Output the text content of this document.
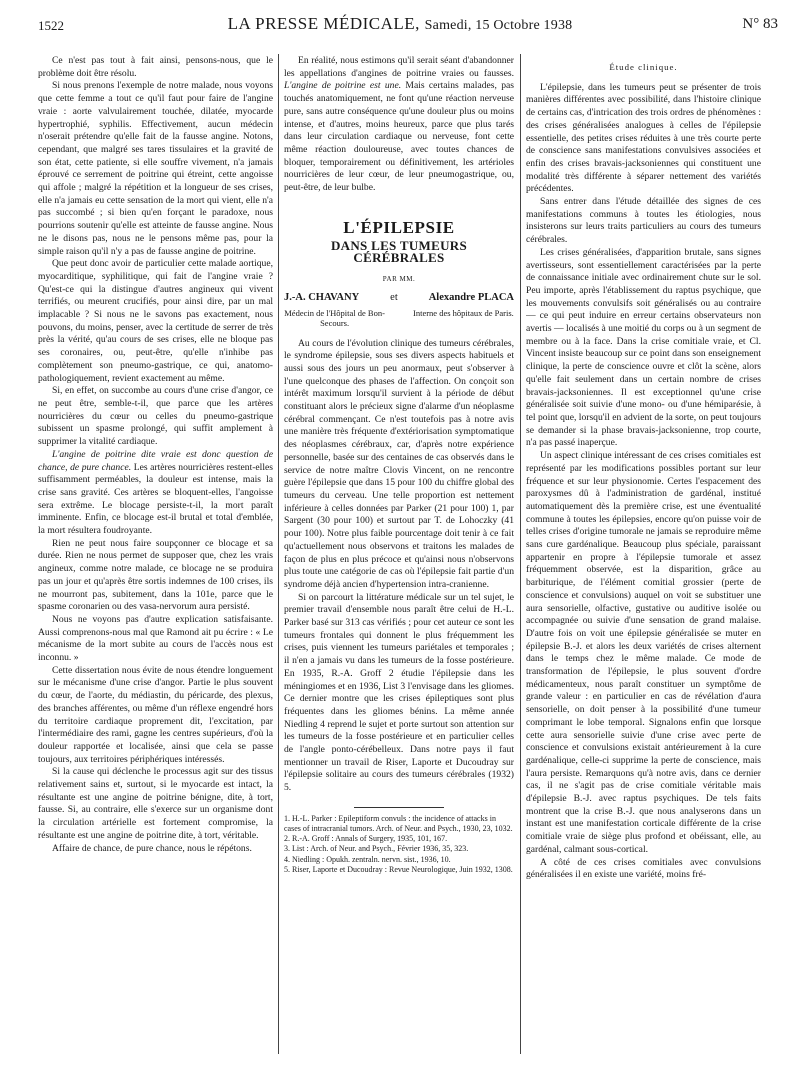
1522	LA PRESSE MÉDICALE, Samedi, 15 Octobre 1938	N° 83

Ce n'est pas tout à fait ainsi, pensons-nous, que le problème doit être résolu.

Si nous prenons l'exemple de notre malade, nous voyons que cette femme a tout ce qu'il faut pour faire de l'angine vraie : aorte valvulairement touchée, dilatée, myocarde hypertrophié, syphilis. Effectivement, aucun médecin n'oserait prétendre qu'elle fait de la fausse angine. Notons, cependant, que malgré ses tares tissulaires et la gravité de son état, cette patiente, si elle souffre vivement, n'a jamais éprouvé ce serrement de poitrine qui étreint, cette angoisse qui affole ; malgré la répétition et la longueur de ses crises, elle n'a jamais eu cette sensation de la mort qui vient, elle n'a pas succombé ; si bien qu'en forçant le paradoxe, nous pourrions soutenir qu'elle est atteinte de fausse angine. Nous ne le disons pas, nous ne le pensons même pas, pour la simple raison qu'il n'y a pas de fausse angine de poitrine.

Que peut donc avoir de particulier cette malade aortique, myocarditique, syphilitique, qui fait de l'angine vraie ? Qu'est-ce qui la distingue d'autres angineux qui vivent terrifiés, ou meurent crucifiés, pour ainsi dire, par un mal implacable ? Si nous ne le savons pas exactement, nous pouvons, du moins, penser, avec la certitude de serrer de très près la vérité, qu'au cours de ses crises, elle ne bloque pas ses coronaires, ou, peut-être, qu'elle n'inhibe pas complètement son pneumo-gastrique, ce qui, anatomo-pathologiquement, revient exactement au même.

Si, en effet, on succombe au cours d'une crise d'angor, ce ne peut être, semble-t-il, que parce que les artères nourricières du cœur ou celles du pneumo-gastrique subissent un spasme prolongé, qui suffit amplement à supprimer la vitalité cardiaque.

L'angine de poitrine dite vraie est donc question de chance, de pure chance. Les artères nourricières restent-elles suffisamment perméables, la douleur est intense, mais la crise sans gravité. Ces artères se bloquent-elles, l'angoisse sera extrême. Le blocage persiste-t-il, la mort paraît imminente. Enfin, ce blocage est-il brutal et total d'emblée, la mort résultera foudroyante.

Rien ne peut nous faire soupçonner ce blocage et sa durée. Rien ne nous permet de supposer que, chez les vrais angineux, comme notre malade, ce blocage ne se produira pas un jour et qu'après être sortis indemnes de 100 crises, ils ne mourront pas, subitement, dans la 101e, parce que le spasme coronarien ou des vasa-nervorum aura persisté.

Nous ne voyons pas d'autre explication satisfaisante. Aussi comprenons-nous mal que Ramond ait pu écrire : « Le mécanisme de la mort subite au cours de l'accès nous est inconnu. »

Cette dissertation nous évite de nous étendre longuement sur le mécanisme d'une crise d'angor. Partie le plus souvent du cœur, de l'aorte, du médiastin, du péricarde, des plexus, des branches afférentes, ou même d'un réflexe engendré hors du territoire cardiaque proprement dit, l'excitation, par l'intermédiaire des rami, gagne les centres supérieurs, d'où la douleur rapportée et localisée, ainsi que cela se passe toujours, aux territoires périphériques intéressés.

Si la cause qui déclenche le processus agit sur des tissus relativement sains et, surtout, si le myocarde est intact, la résultante est une angine de poitrine bénigne, dite, à tort, fausse. Si, au contraire, elle s'exerce sur un organisme dont la circulation artérielle est fortement compromise, la résultante est une angine de poitrine dite, à tort, véritable.

Affaire de chance, de pure chance, nous le répétons.

En réalité, nous estimons qu'il serait séant d'abandonner les appellations d'angines de poitrine vraies ou fausses. L'angine de poitrine est une. Mais certains malades, pas touchés anatomiquement, ne font qu'une réaction nerveuse pure, sans autre conséquence qu'une douleur plus ou moins intense, et d'autres, moins heureux, parce que plus tarés dans leur circulation cardiaque ou nerveuse, font cette même réaction douloureuse, avec toutes chances de bloquer, temporairement ou définitivement, les artérioles nourricières de leur cœur, de leur pneumogastrique, ou, peut-être, de leur bulbe.

L'ÉPILEPSIE
DANS LES TUMEURS CÉRÉBRALES
PAR MM.
J.-A. CHAVANY	et	Alexandre PLACA
Médecin de l'Hôpital de Bon-Secours.
Interne des hôpitaux de Paris.

Au cours de l'évolution clinique des tumeurs cérébrales, le syndrome épilepsie, sous ses divers aspects habituels et aussi sous des jours un peu anormaux, peut s'observer à l'une quelconque des phases de l'affection. On conçoit son intérêt maximum lorsqu'il survient à la période de début constituant alors le précieux signe d'alarme d'un néoplasme cérébral commençant. Ce n'est toutefois pas à notre avis une manière très fréquente d'extériorisation symptomatique des néoplasmes cérébraux, car, d'après notre expérience personnelle, basée sur des centaines de cas observés dans le service de notre maître Clovis Vincent, on ne rencontre guère l'épilepsie que dans 15 pour 100 du chiffre global des tumeurs du cerveau. Une telle proportion est nettement inférieure à celles données par Parker (21 pour 100) 1, par Sargent (30 pour 100) et surtout par T. de Lohoczky (41 pour 100). Notre plus faible pourcentage doit tenir à ce fait qu'actuellement nous observons et traitons les malades de façon de plus en plus précoce et qu'ainsi nous n'observons plus toute une catégorie de cas où l'épilepsie fait partie d'un syndrome déjà ancien d'hypertension intra-cranienne.

Si on parcourt la littérature médicale sur un tel sujet, le premier travail d'ensemble nous paraît être celui de H.-L. Parker basé sur 313 cas vérifiés ; pour cet auteur ce sont les tumeurs frontales qui donnent le plus fréquemment les crises, puis viennent les tumeurs pariétales et temporales ; il n'en a jamais vu dans les tumeurs de la fosse postérieure. En 1935, R.-A. Groff 2 étudie l'épilepsie dans les méningiomes et en 1936, List 3 l'envisage dans les gliomes. Ce dernier montre que les crises épileptiques sont plus fréquentes dans les gliomes bénins. La même année Niedling 4 reprend le sujet et porte surtout son attention sur les tumeurs de la fosse postérieure et en particulier celles de l'angle ponto-cérébelleux. Dans notre pays il faut mentionner un travail de Riser, Laporte et Ducoudray sur l'épilepsie solitaire au cours des tumeurs cérébrales (1932) 5.

1. H.-L. Parker : Epileptiform convuls : the incidence of attacks in cases of intracranial tumors. Arch. of Neur. and Psych., 1930, 23, 1032.
2. R.-A. Groff : Annals of Surgery, 1935, 101, 167.
3. List : Arch. of Neur. and Psych., Février 1936, 35, 323.
4. Niedling : Opukh. zentraln. nervn. sist., 1936, 10.
5. Riser, Laporte et Ducoudray : Revue Neurologique, Juin 1932, 1308.
Étude clinique.

L'épilepsie, dans les tumeurs peut se présenter de trois manières différentes avec possibilité, dans l'histoire clinique de certains cas, d'intrication des trois ordres de phénomènes : des crises généralisées analogues à celles de l'épilepsie essentielle, des petites crises réduites à une très courte perte de conscience sans manifestations convulsives associées et enfin des crises bravais-jacksoniennes qui constituent une modalité très différente à séparer nettement des variétés précédentes.

Sans entrer dans l'étude détaillée des signes de ces manifestations communs à toutes les étiologies, nous insisterons sur leurs traits particuliers au cours des tumeurs cérébrales.

Les crises généralisées, d'apparition brutale, sans signes avertisseurs, sont essentiellement caractérisées par la perte de connaissance initiale avec ordinairement chute sur le sol. Peu importe, après l'établissement du raptus psychique, que les mouvements convulsifs soit généralisés ou au contraire — ce qui peut induire en erreur certains observateurs non avertis — localisés à une moitié du corps ou à un segment de membre ou à la face. Dans la crise comitiale vraie, et Cl. Vincent insiste beaucoup sur ce point dans son enseignement clinique, la perte de conscience ouvre et clôt la scène, alors qu'elle fait seulement dans un certain nombre de crises bravais-jacksoniennes. Il est exceptionnel qu'une crise généralisée soit suivie d'une mono- ou d'une hémiparésie, à tel point que, lorsqu'il en advient de la sorte, on peut toujours se demander si la phase bravais-jacksonienne, trop courte, n'a pas passé inaperçue.

Un aspect clinique intéressant de ces crises comitiales est représenté par les modifications possibles portant sur leur fréquence et sur leur physionomie. Certes l'espacement des paroxysmes dû à l'administration de gardénal, institué automatiquement dès la première crise, est une éventualité commune à toutes les épilepsies, encore qu'on puisse voir de telles crises d'origine tumorale ne jamais se reproduire même sans cure gardénalique. Beaucoup plus spéciale, paraissant appartenir en propre à l'épilepsie tumorale et assez fréquemment observée, est la disparition, grâce au barbiturique, de l'élément comitial grossier (perte de conscience et convulsions) auquel on voit se substituer une aura sensorielle, olfactive, gustative ou auditive isolée ou accompagnée ou suivie d'une sensation de grand malaise. D'autre fois on voit une épilepsie généralisée se muter en épilepsie B.-J. et alors les deux variétés de crises alternent dans le temps chez le même malade. Ce mode de transformation de l'épilepsie, le plus souvent d'ordre médicamenteux, nous paraît constituer un symptôme de grande valeur : en particulier en cas de révélation d'aura sensorielle, on doit penser à la possibilité d'une tumeur comprimant le lobe temporal. Signalons enfin que lorsque cette aura sensorielle suivie d'une crise avec perte de conscience et convulsions existait antérieurement à la cure gardénalique, celle-ci supprime la perte de conscience, mais l'aura persiste. Remarquons qu'à notre avis, dans ce dernier cas, il ne s'agit pas de crise comitiale véritable mais d'épilepsie B.-J. avec raptus psychiques. De tels faits montrent que la crise B.-J. que nous analyserons dans un instant est une manifestation corticale différente de la crise comitiale vraie de siège plus profond et obéissant, elle, au gardénal, calmant sous-cortical.

A côté de ces crises comitiales avec convulsions généralisées il en existe une variété, moins fré-
